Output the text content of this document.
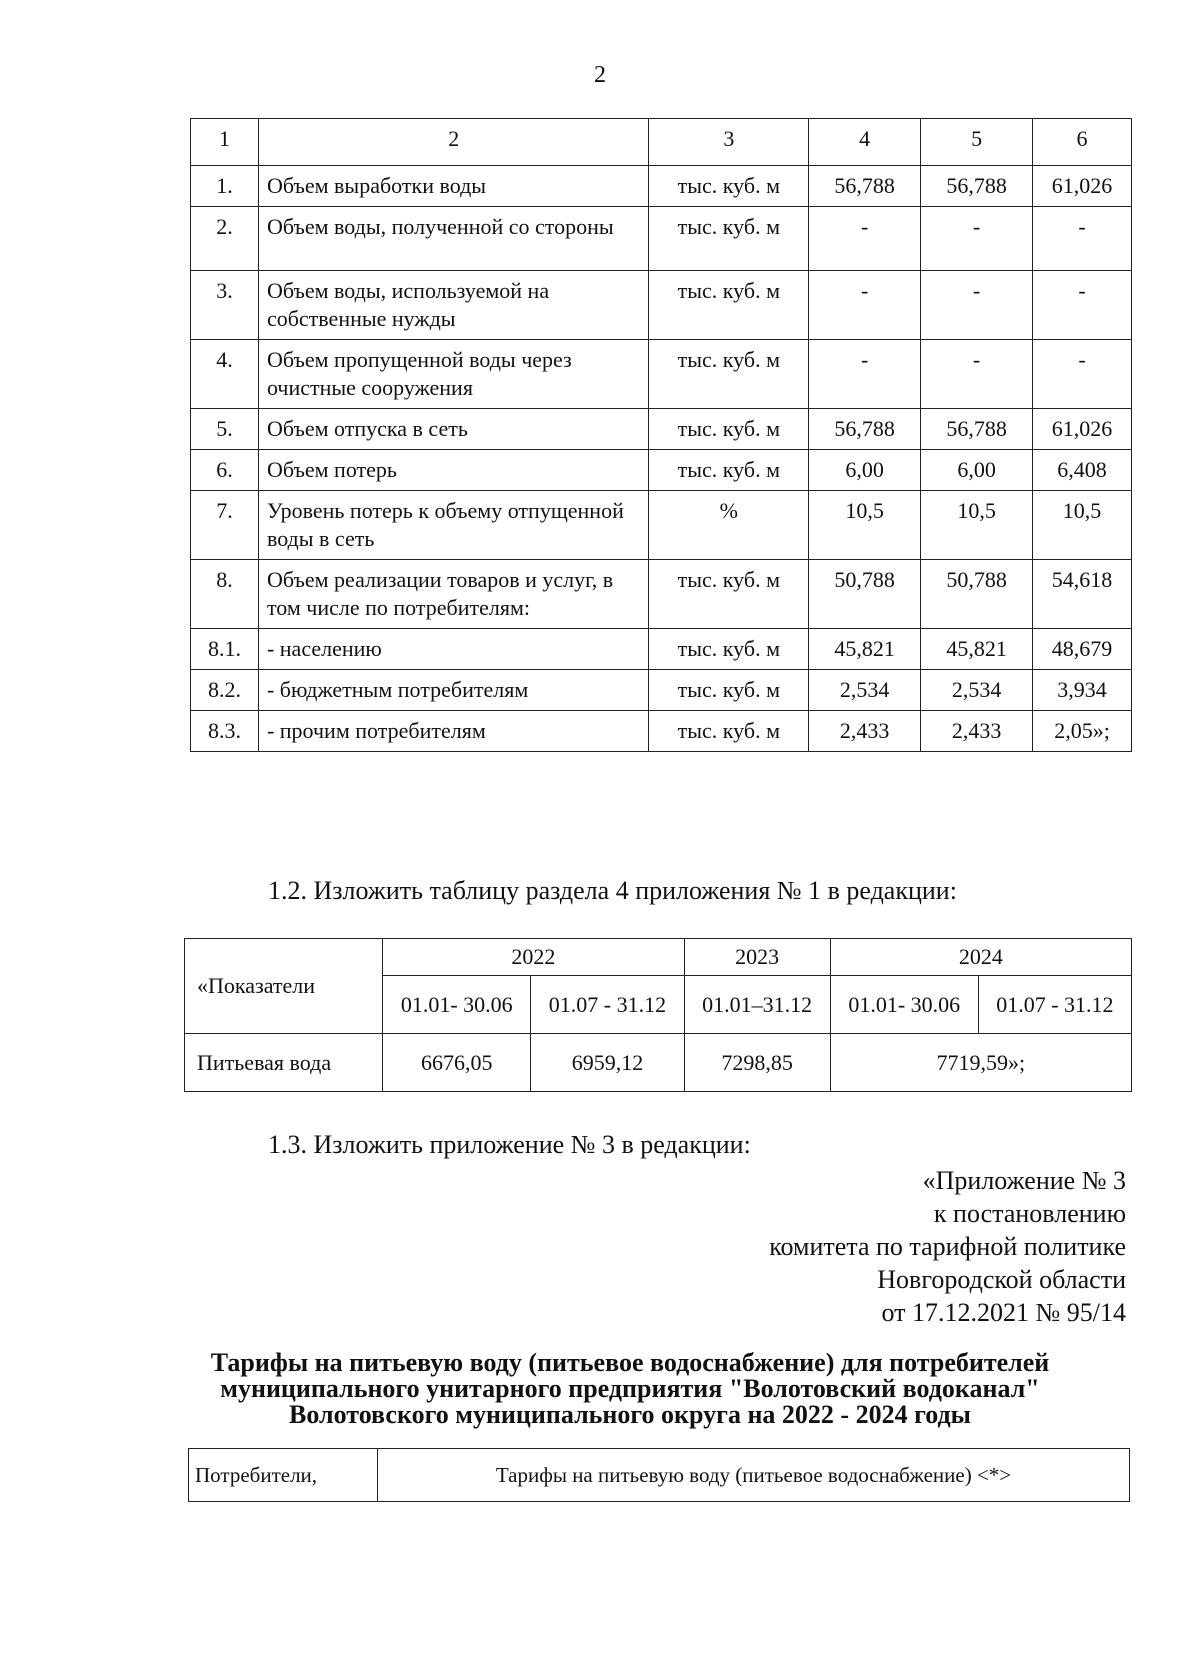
2
1	2	3	4	5	6
1.	Объем выработки воды	тыс. куб. м	56,788	56,788	61,026
2.	Объем воды, полученной со стороны	тыс. куб. м	-	-	-
3.	Объем воды, используемой на собственные нужды	тыс. куб. м	-	-	-
4.	Объем пропущенной воды через очистные сооружения	тыс. куб. м	-	-	-
5.	Объем отпуска в сеть	тыс. куб. м	56,788	56,788	61,026
6.	Объем потерь	тыс. куб. м	6,00	6,00	6,408
7.	Уровень потерь к объему отпущенной воды в сеть	%	10,5	10,5	10,5
8.	Объем реализации товаров и услуг, в том числе по потребителям:	тыс. куб. м	50,788	50,788	54,618
8.1.	- населению	тыс. куб. м	45,821	45,821	48,679
8.2.	- бюджетным потребителям	тыс. куб. м	2,534	2,534	3,934
8.3.	- прочим потребителям	тыс. куб. м	2,433	2,433	2,05»;
1.2. Изложить таблицу раздела 4 приложения № 1 в редакции:
«Показатели	2022		2023	2024	
	01.01- 30.06	01.07 - 31.12	01.01–31.12	01.01- 30.06	01.07 - 31.12
Питьевая вода	6676,05	6959,12	7298,85	7719,59»;	
1.3. Изложить приложение № 3 в редакции:
«Приложение № 3
к постановлению
комитета по тарифной политике
Новгородской области
от 17.12.2021 № 95/14
Тарифы на питьевую воду (питьевое водоснабжение) для потребителей
муниципального унитарного предприятия "Волотовский водоканал"
Волотовского муниципального округа на 2022 - 2024 годы
Потребители,	Тарифы на питьевую воду (питьевое водоснабжение) <*>
